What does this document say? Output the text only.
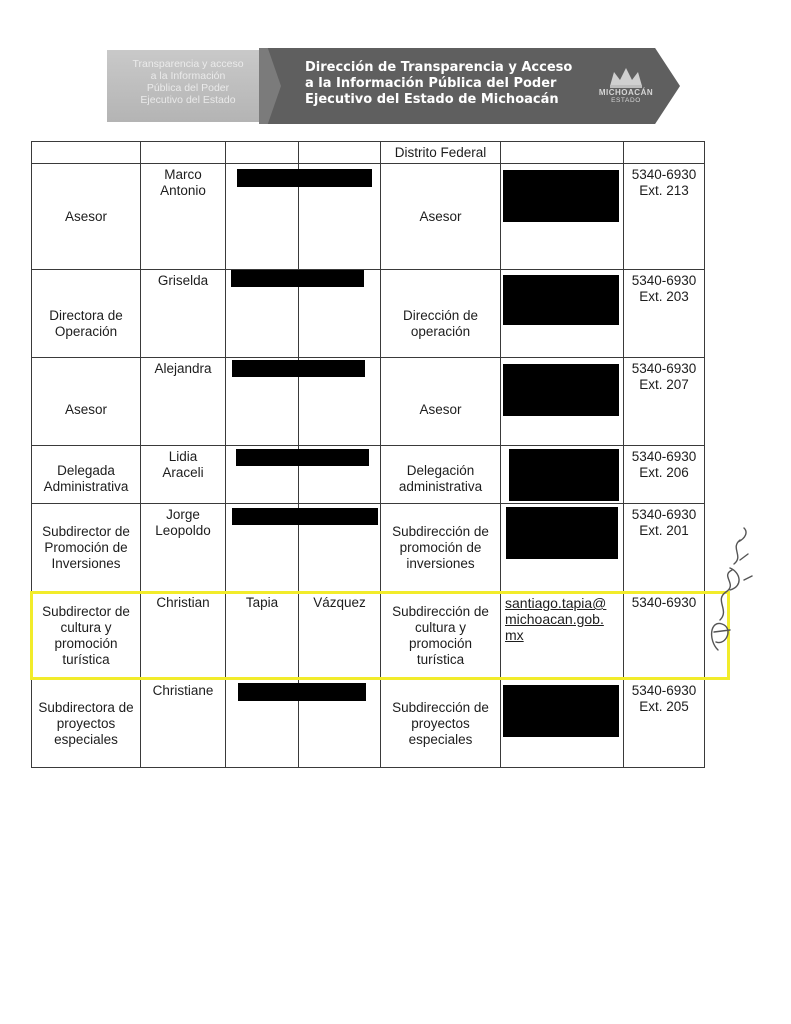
Transparencia y acceso
a la Información
Pública del Poder
Ejecutivo del Estado
Dirección de Transparencia y Acceso
a la Información Pública del Poder
Ejecutivo del Estado de Michoacán	MICHOACÁN
ESTADO

Distrito Federal		

Asesor	Marco Antonio			Asesor		5340-6930
Ext. 213

Directora de Operación	Griselda			Dirección de operación		5340-6930
Ext. 203

Asesor	Alejandra			Asesor		5340-6930
Ext. 207

Delegada Administrativa	Lidia Araceli			Delegación administrativa		5340-6930
Ext. 206

Subdirector de Promoción de Inversiones	Jorge Leopoldo			Subdirección de promoción de inversiones		5340-6930
Ext. 201

Subdirector de cultura y promoción turística	Christian	Tapia	Vázquez	Subdirección de cultura y promoción turística	santiago.tapia@ michoacan.gob. mx	5340-6930

Subdirectora de proyectos especiales	Christiane			Subdirección de proyectos especiales		5340-6930
Ext. 205
